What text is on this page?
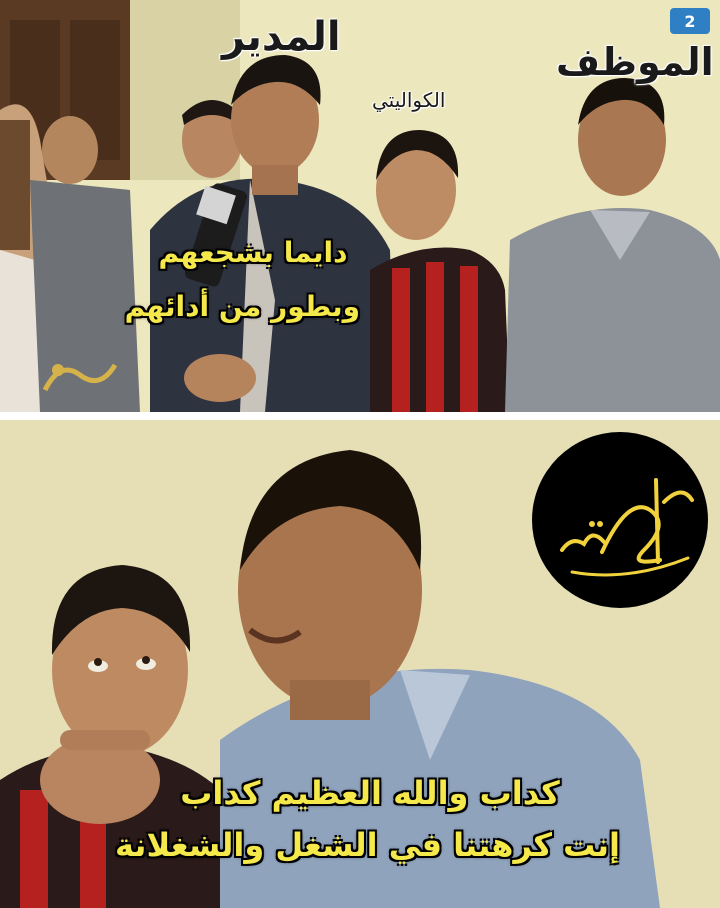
2

المدير

الكواليتي

الموظف

دايما بشجعهم

وبطور من أدائهم

كداب والله العظيم كداب

إنت كرهتنا في الشغل والشغلانة
